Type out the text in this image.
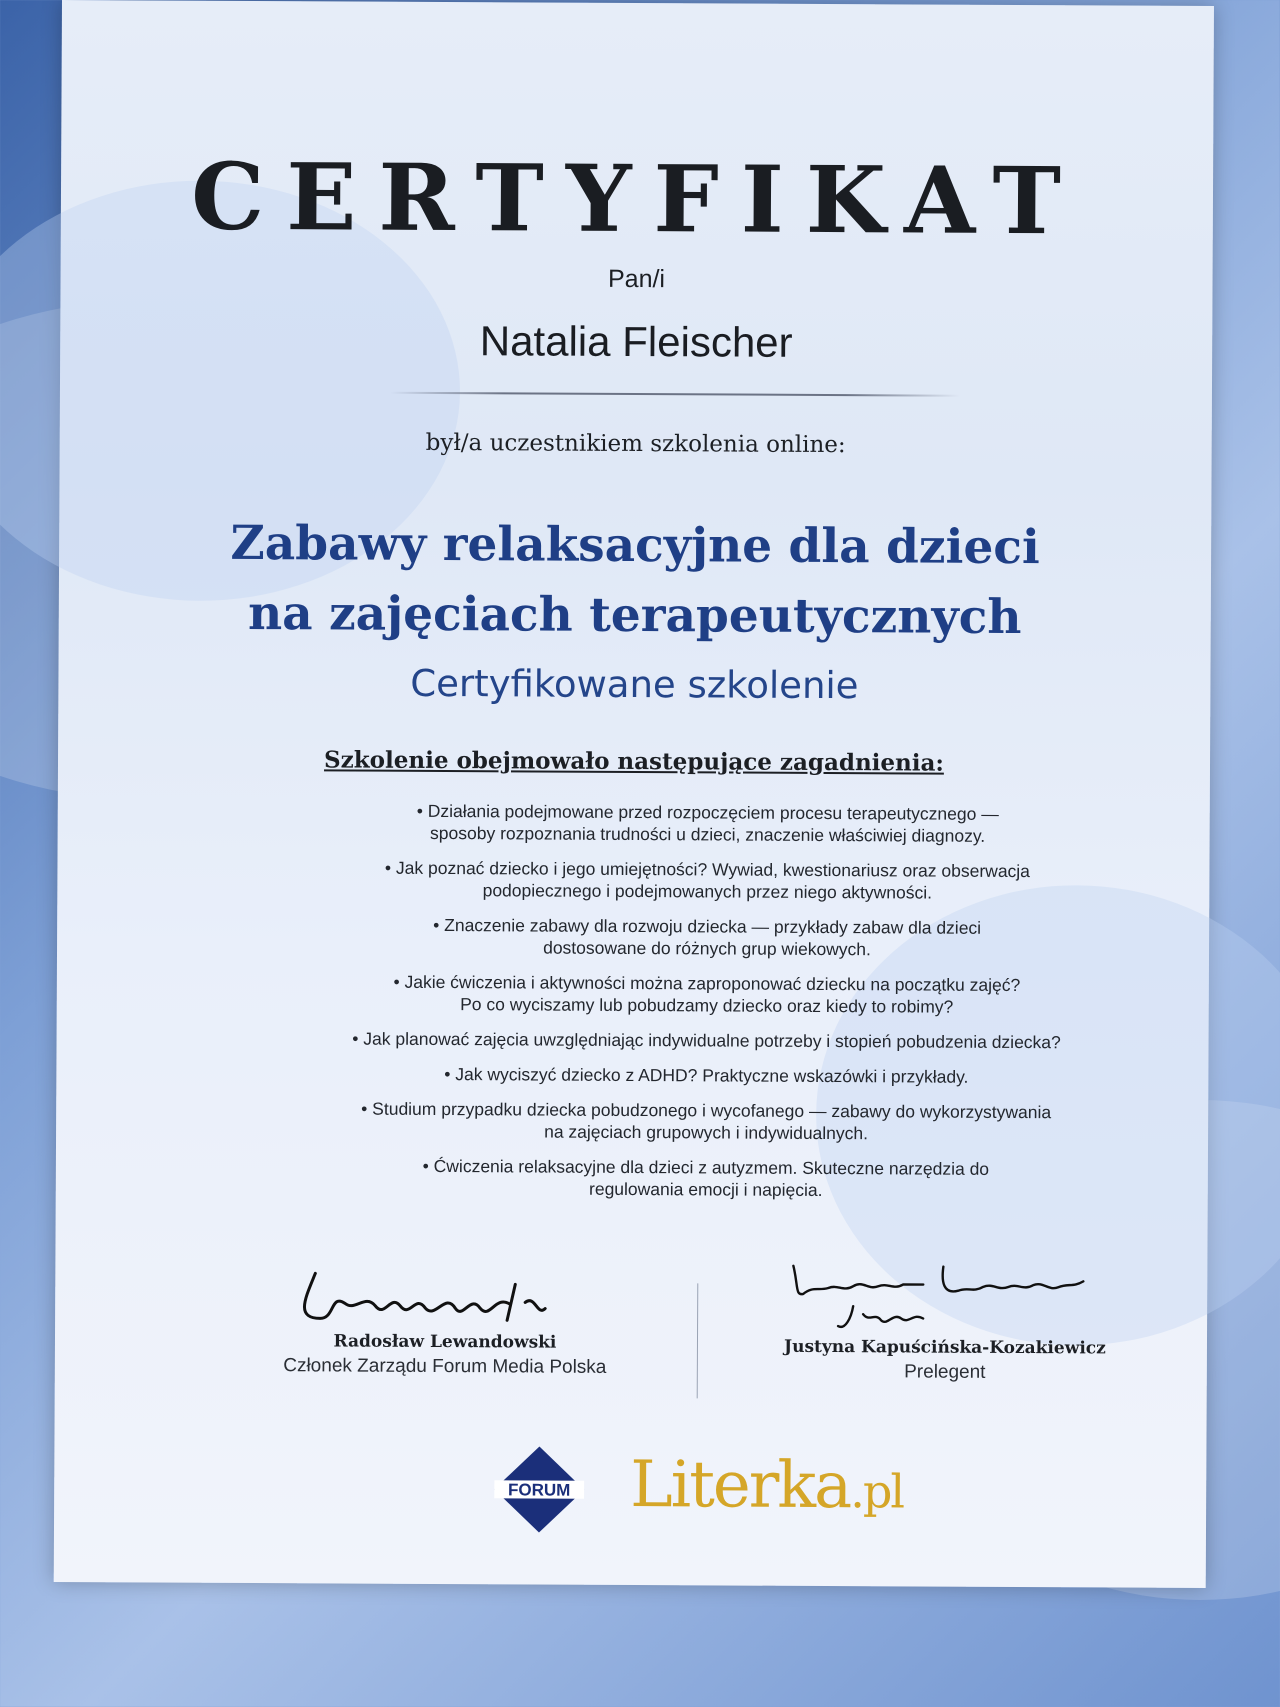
CERTYFIKAT
Pan/i
Natalia Fleischer
był/a uczestnikiem szkolenia online:
Zabawy relaksacyjne dla dzieci
na zajęciach terapeutycznych
Certyfikowane szkolenie
Szkolenie obejmowało następujące zagadnienia:
• Działania podejmowane przed rozpoczęciem procesu terapeutycznego —
sposoby rozpoznania trudności u dzieci, znaczenie właściwiej diagnozy.
• Jak poznać dziecko i jego umiejętności? Wywiad, kwestionariusz oraz obserwacja
podopiecznego i podejmowanych przez niego aktywności.
• Znaczenie zabawy dla rozwoju dziecka — przykłady zabaw dla dzieci
dostosowane do różnych grup wiekowych.
• Jakie ćwiczenia i aktywności można zaproponować dziecku na początku zajęć?
Po co wyciszamy lub pobudzamy dziecko oraz kiedy to robimy?
• Jak planować zajęcia uwzględniając indywidualne potrzeby i stopień pobudzenia dziecka?
• Jak wyciszyć dziecko z ADHD? Praktyczne wskazówki i przykłady.
• Studium przypadku dziecka pobudzonego i wycofanego — zabawy do wykorzystywania
na zajęciach grupowych i indywidualnych.
• Ćwiczenia relaksacyjne dla dzieci z autyzmem. Skuteczne narzędzia do
regulowania emocji i napięcia.
Radosław Lewandowski
Członek Zarządu Forum Media Polska
Justyna Kapuścińska-Kozakiewicz
Prelegent
FORUM Literka.pl
